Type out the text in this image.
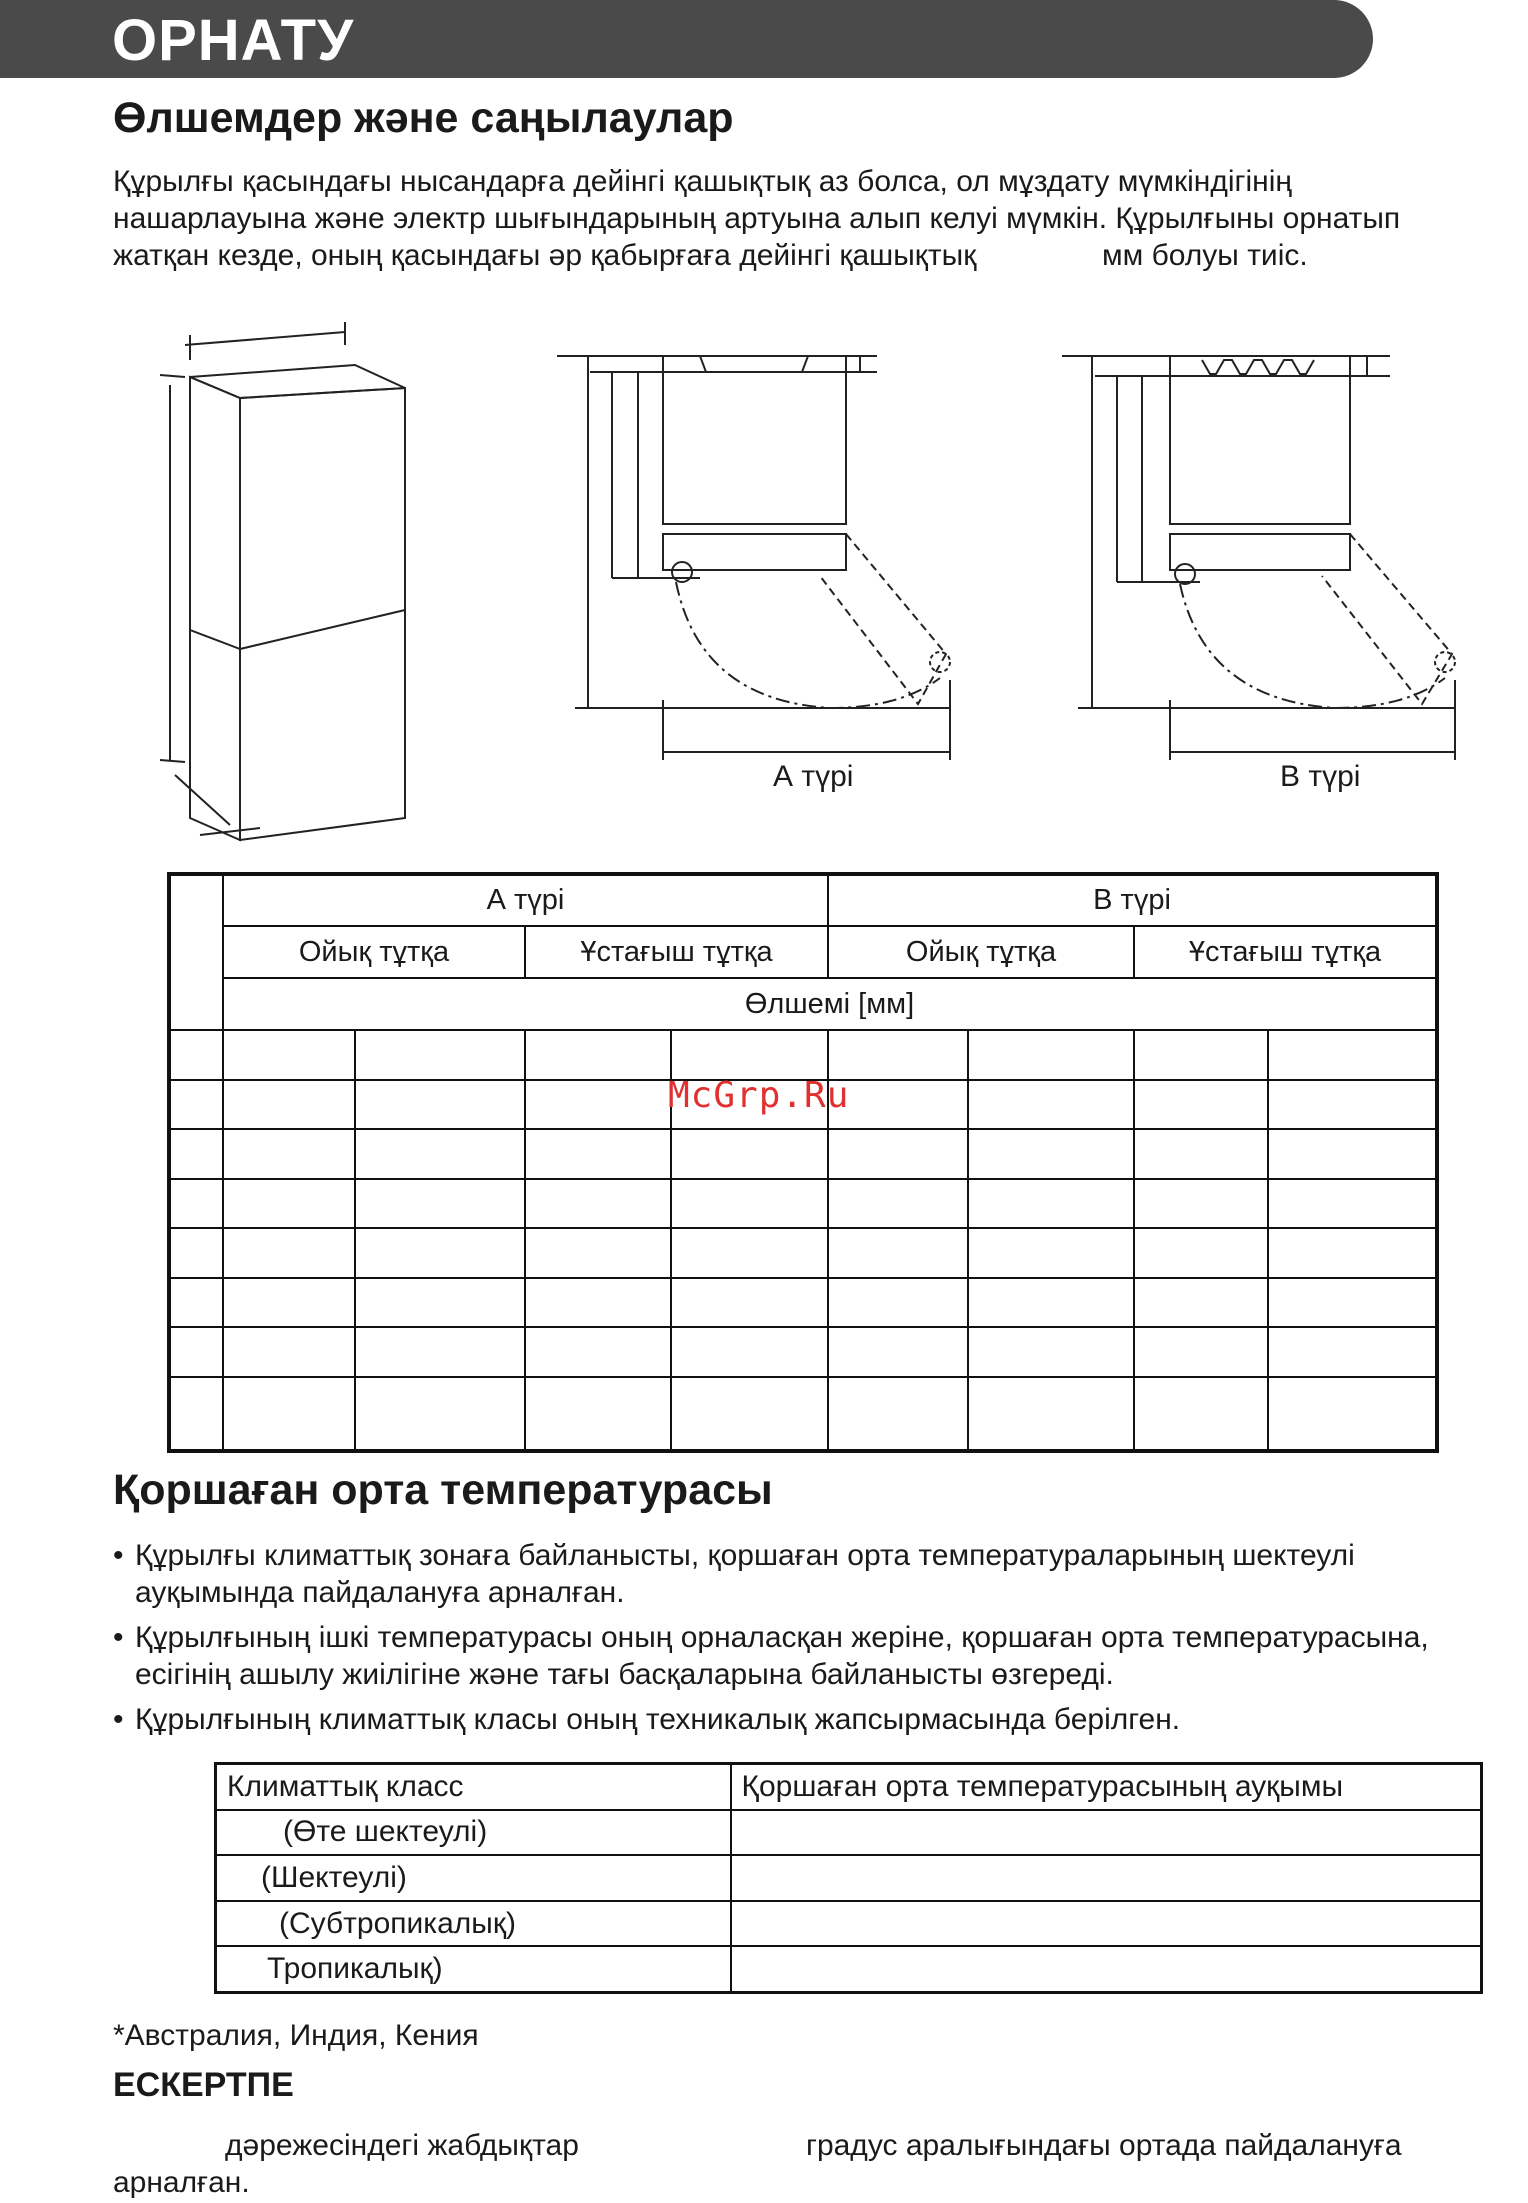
ОРНАТУ
Өлшемдер және саңылаулар
Құрылғы қасындағы нысандарға дейінгі қашықтық аз болса, ол мұздату мүмкіндігінің
нашарлауына және электр шығындарының артуына алып келуі мүмкін. Құрылғыны орнатып
жатқан кезде, оның қасындағы әр қабырғаға дейінгі қашықтық	мм болуы тиіс.
А түрі	В түрі
	А түрі				В түрі			
	Ойық тұтқа		Ұстағыш тұтқа		Ойық тұтқа		Ұстағыш тұтқа	
	Өлшемі [мм]							

McGrp.Ru
Қоршаған орта температурасы
• Құрылғы климаттық зонаға байланысты, қоршаған орта температураларының шектеулі
ауқымында пайдалануға арналған.
• Құрылғының ішкі температурасы оның орналасқан жеріне, қоршаған орта температурасына,
есігінің ашылу жиілігіне және тағы басқаларына байланысты өзгереді.
• Құрылғының климаттық класы оның техникалық жапсырмасында берілген.
Климаттық класс	Қоршаған орта температурасының ауқымы
(Өте шектеулі)	
(Шектеулі)	
(Субтропикалық)	
Тропикалық)	
*Австралия, Индия, Кения
ЕСКЕРТПЕ
дәрежесіндегі жабдықтар	градус аралығындағы ортада пайдалануға
арналған.
